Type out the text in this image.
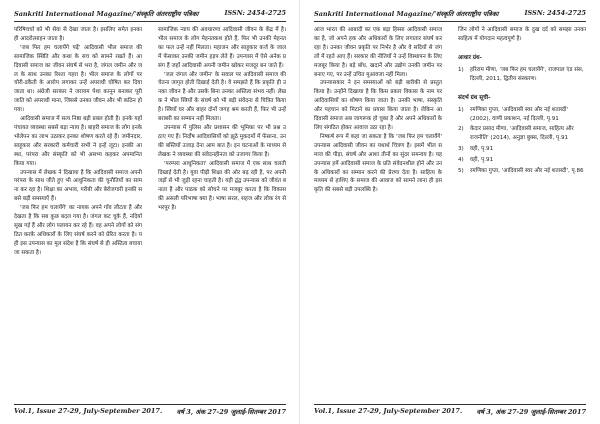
Sankriti International Magazine/'संस्कृति अंतरराष्ट्रीय पत्रिका	ISSN: 2454-2725

परिषिचर्चा को भी सेवा से देखा जाता है। इसलिए समेत इनका ही आदरोत्साहन जाता है।

'जब फिर हम चलायेंगे पढ़ें' आदिवासी भील समाज की सामाजिक स्थिति और कथा के सच को सामने रखते हैं। आदिवासी समाज का जीवन संघर्ष से भरा है, जंगल जमीन और जल के साथ उनका रिश्ता गहरा है। भील समाज के लोगों पर चोरी-डकैती के आरोप लगाकर उन्हें अपराधी घोषित कर दिया जाता था। अंग्रेजी सरकार ने जरायम पेशा कानून बनाकर पूरी जाति को अपराधी माना, जिससे उनका जीवन और भी कठिन हो गया।

आदिवासी समाज में सत्य निष्ठा बड़ी प्रबल होती है। इनके यहाँ पंचायत व्यवस्था सबसे बड़ा न्याय है। बाहरी समाज के लोग इनके भोलेपन का लाभ उठाकर इनका शोषण करते रहे हैं। जमीनदार, साहूकार और सरकारी कर्मचारी सभी ने इन्हें लूटा। इनकी आस्था, परंपरा और संस्कृति को भी असभ्य कहकर अपमानित किया गया।

उपन्यास में लेखक ने दिखाया है कि आदिवासी समाज अपनी परंपरा के साथ जीते हुए भी आधुनिकता की चुनौतियों का सामना कर रहा है। शिक्षा का अभाव, गरीबी और बेरोजगारी इनकी सबसे बड़ी समस्याएँ हैं।

'जब फिर हम चलायेंगे' का नायक अपने गाँव लौटता है और देखता है कि सब कुछ बदल गया है। जंगल कट चुके हैं, नदियाँ सूख गई हैं और लोग पलायन कर रहे हैं। वह अपने लोगों को संगठित करके अधिकारों के लिए संघर्ष करने को प्रेरित करता है। यही इस उपन्यास का मूल संदेश है कि संघर्ष से ही अस्तित्व बचाया जा सकता है।

सामाजिक न्याय की अवधारणा आदिवासी जीवन के केंद्र में है। भील समाज के लोग मेहनतकश होते हैं, फिर भी उनकी मेहनत का फल उन्हें नहीं मिलता। महाजन और साहूकार कर्ज के जाल में फँसाकर उनकी जमीन हड़प लेते हैं। उपन्यास में ऐसे अनेक प्रसंग हैं जहाँ आदिवासी अपनी जमीन खोकर मजदूर बन जाते हैं।

'जल जंगल और जमीन' के सवाल पर आदिवासी समाज की चेतना जागृत होती दिखाई देती है। वे समझते हैं कि प्रकृति ही उनका जीवन है और उसके बिना उनका अस्तित्व संभव नहीं। लेखक ने भील स्त्रियों के संघर्ष को भी बड़ी संवेदना से चित्रित किया है। स्त्रियाँ घर और बाहर दोनों जगह श्रम करती हैं, फिर भी उन्हें बराबरी का सम्मान नहीं मिलता।

उपन्यास में पुलिस और प्रशासन की भूमिका पर भी प्रश्न उठाए गए हैं। निर्दोष आदिवासियों को झूठे मुकदमों में फँसाना, उनकी बस्तियाँ उजाड़ देना आम बात है। इन घटनाओं के माध्यम से लेखक ने व्यवस्था की संवेदनहीनता को उजागर किया है।

'परम्परा आधुनिकता' आदिवासी समाज में एक साथ चलती दिखाई देती है। युवा पीढ़ी शिक्षा की ओर बढ़ रही है, पर अपनी जड़ों से भी जुड़ी रहना चाहती है। यही द्वंद्व उपन्यास को जीवंत बनाता है और पाठक को सोचने पर मजबूर करता है कि विकास की असली परिभाषा क्या है। भाषा सरल, सहज और लोक रंग से भरपूर है।

Vol.1, Issue 27-29, July-September 2017. वर्ष 3, अंक 27-29 जुलाई-सितम्बर 2017
Sankriti International Magazine/'संस्कृति अंतरराष्ट्रीय पत्रिका	ISSN: 2454-2725

आज भारत की आबादी का एक बड़ा हिस्सा आदिवासी समाज का है, जो अपने हक और अधिकारों के लिए लगातार संघर्ष कर रहा है। उनका जीवन प्रकृति पर निर्भर है और वे सदियों से जंगलों में रहते आए हैं। सरकार की नीतियों ने उन्हें विस्थापन के लिए मजबूर किया है। बड़े बाँध, खदानें और उद्योग उनकी जमीन पर बनाए गए, पर उन्हें उचित मुआवजा नहीं मिला।

उपन्यासकार ने इन समस्याओं को बड़ी बारीकी से प्रस्तुत किया है। उन्होंने दिखाया है कि किस प्रकार विकास के नाम पर आदिवासियों का शोषण किया जाता है। उनकी भाषा, संस्कृति और पहचान को मिटाने का प्रयास किया जाता है। लेकिन आदिवासी समाज अब जागरूक हो चुका है और अपने अधिकारों के लिए संगठित होकर आवाज उठा रहा है।

निष्कर्ष रूप में कहा जा सकता है कि 'जब फिर हम चलायेंगे' उपन्यास आदिवासी जीवन का यथार्थ चित्रण है। इसमें भील समाज की पीड़ा, संघर्ष और आशा तीनों का सुंदर समन्वय है। यह उपन्यास हमें आदिवासी समाज के प्रति संवेदनशील होने और उनके अधिकारों का सम्मान करने की प्रेरणा देता है। साहित्य के माध्यम से हाशिए के समाज की आवाज को सामने लाना ही इस कृति की सबसे बड़ी उपलब्धि है।

जिन लोगों ने आदिवासी समाज के दुख दर्द को समझा उनका साहित्य में योगदान महत्वपूर्ण है।

आधार ग्रंथ-
1)	हरिराम मीणा, 'जब फिर हम चलायेंगे', राजपाल एंड संस, दिल्ली, 2011, द्वितीय संस्करण।
संदर्भ ग्रंथ सूची-
1)	रमणिका गुप्ता, 'आदिवासी स्वर और नई शताब्दी' (2002), वाणी प्रकाशन, नई दिल्ली, पृ.91
2)	केदार प्रसाद मीणा, 'आदिवासी समाज, साहित्य और राजनीति' (2014), अनुज्ञा बुक्स, दिल्ली, पृ.91
3)	वही, पृ.91
4)	वही, पृ.91
5)	रमणिका गुप्ता, 'आदिवासी स्वर और नई शताब्दी', पृ.86
Vol.1, Issue 27-29, July-September 2017. वर्ष 3, अंक 27-29 जुलाई-सितम्बर 2017
